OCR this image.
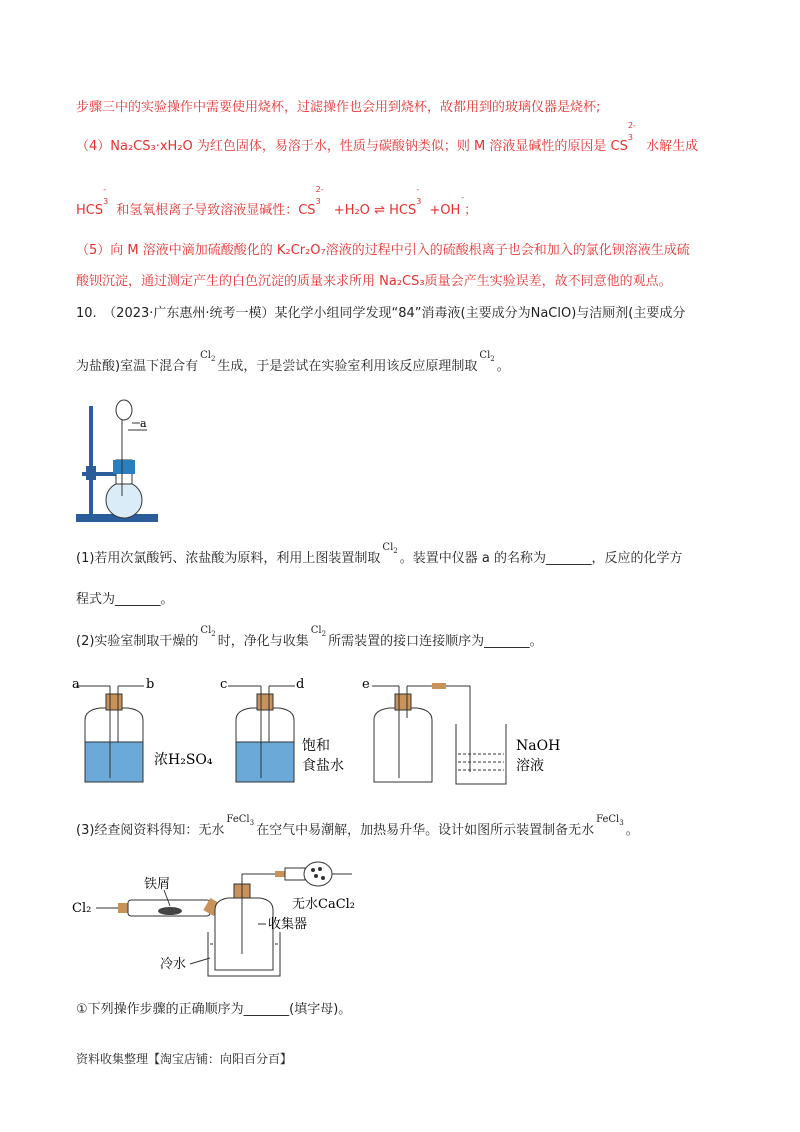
步骤三中的实验操作中需要使用烧杯，过滤操作也会用到烧杯，故都用到的玻璃仪器是烧杯;
（4）Na₂CS₃·xH₂O 为红色固体，易溶于水，性质与碳酸钠类似；则 M 溶液显碱性的原因是 $CS^{32-}$ 水解生成
$HCS^{3-}$ 和氢氧根离子导致溶液显碱性：$CS^{32-} +H_2O$ ⇌ $HCS^{3-} +OH^-$；
（5）向 M 溶液中滴加硫酸酸化的 K₂Cr₂O₇溶液的过程中引入的硫酸根离子也会和加入的氯化钡溶液生成硫
酸钡沉淀，通过测定产生的白色沉淀的质量来求所用 Na₂CS₃质量会产生实验误差，故不同意他的观点。
10.　（2023·广东惠州·统考一模）某化学小组同学发现“84”消毒液(主要成分为NaClO)与洁厕剂(主要成分
为盐酸)室温下混合有$^{Cl_2}$ 生成，于是尝试在实验室利用该反应原理制取$^{Cl_2}$ 。
a
(1)若用次氯酸钙、浓盐酸为原料，利用上图装置制取$^{Cl_2}$ 。装置中仪器 a 的名称为_______，反应的化学方
程式为_______。
(2)实验室制取干燥的$^{Cl_2}$ 时，净化与收集$^{Cl_2}$ 所需装置的接口连接顺序为_______。
a	b
浓H₂SO₄
c	d
饱和
食盐水
e
NaOH
溶液
(3)经查阅资料得知：无水$^{FeCl_3}$ 在空气中易潮解，加热易升华。设计如图所示装置制备无水$^{FeCl_3}$ 。
Cl₂
铁屑
无水CaCl₂
收集器
冷水
①下列操作步骤的正确顺序为_______(填字母)。
资料收集整理【淘宝店铺：向阳百分百】
